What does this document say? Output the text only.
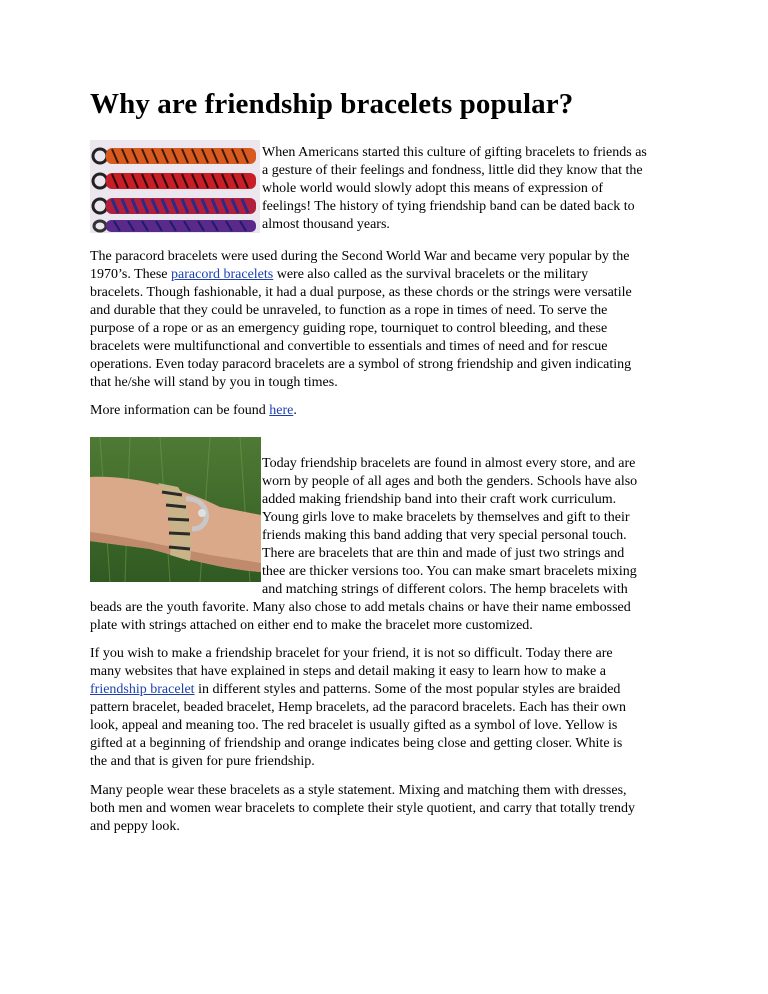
Why are friendship bracelets popular?
When Americans started this culture of gifting bracelets to friends as
a gesture of their feelings and fondness, little did they know that the
whole world would slowly adopt this means of expression of
feelings! The history of tying friendship band can be dated back to
almost thousand years.
The paracord bracelets were used during the Second World War and became very popular by the
1970’s. These paracord bracelets were also called as the survival bracelets or the military
bracelets. Though fashionable, it had a dual purpose, as these chords or the strings were versatile
and durable that they could be unraveled, to function as a rope in times of need. To serve the
purpose of a rope or as an emergency guiding rope, tourniquet to control bleeding, and these
bracelets were multifunctional and convertible to essentials and times of need and for rescue
operations. Even today paracord bracelets are a symbol of strong friendship and given indicating
that he/she will stand by you in tough times.
More information can be found here.
Today friendship bracelets are found in almost every store, and are
worn by people of all ages and both the genders. Schools have also
added making friendship band into their craft work curriculum.
Young girls love to make bracelets by themselves and gift to their
friends making this band adding that very special personal touch.
There are bracelets that are thin and made of just two strings and
thee are thicker versions too. You can make smart bracelets mixing
and matching strings of different colors. The hemp bracelets with
beads are the youth favorite. Many also chose to add metals chains or have their name embossed
plate with strings attached on either end to make the bracelet more customized.
If you wish to make a friendship bracelet for your friend, it is not so difficult. Today there are
many websites that have explained in steps and detail making it easy to learn how to make a
friendship bracelet in different styles and patterns. Some of the most popular styles are braided
pattern bracelet, beaded bracelet, Hemp bracelets, ad the paracord bracelets. Each has their own
look, appeal and meaning too. The red bracelet is usually gifted as a symbol of love. Yellow is
gifted at a beginning of friendship and orange indicates being close and getting closer. White is
the and that is given for pure friendship.
Many people wear these bracelets as a style statement. Mixing and matching them with dresses,
both men and women wear bracelets to complete their style quotient, and carry that totally trendy
and peppy look.
